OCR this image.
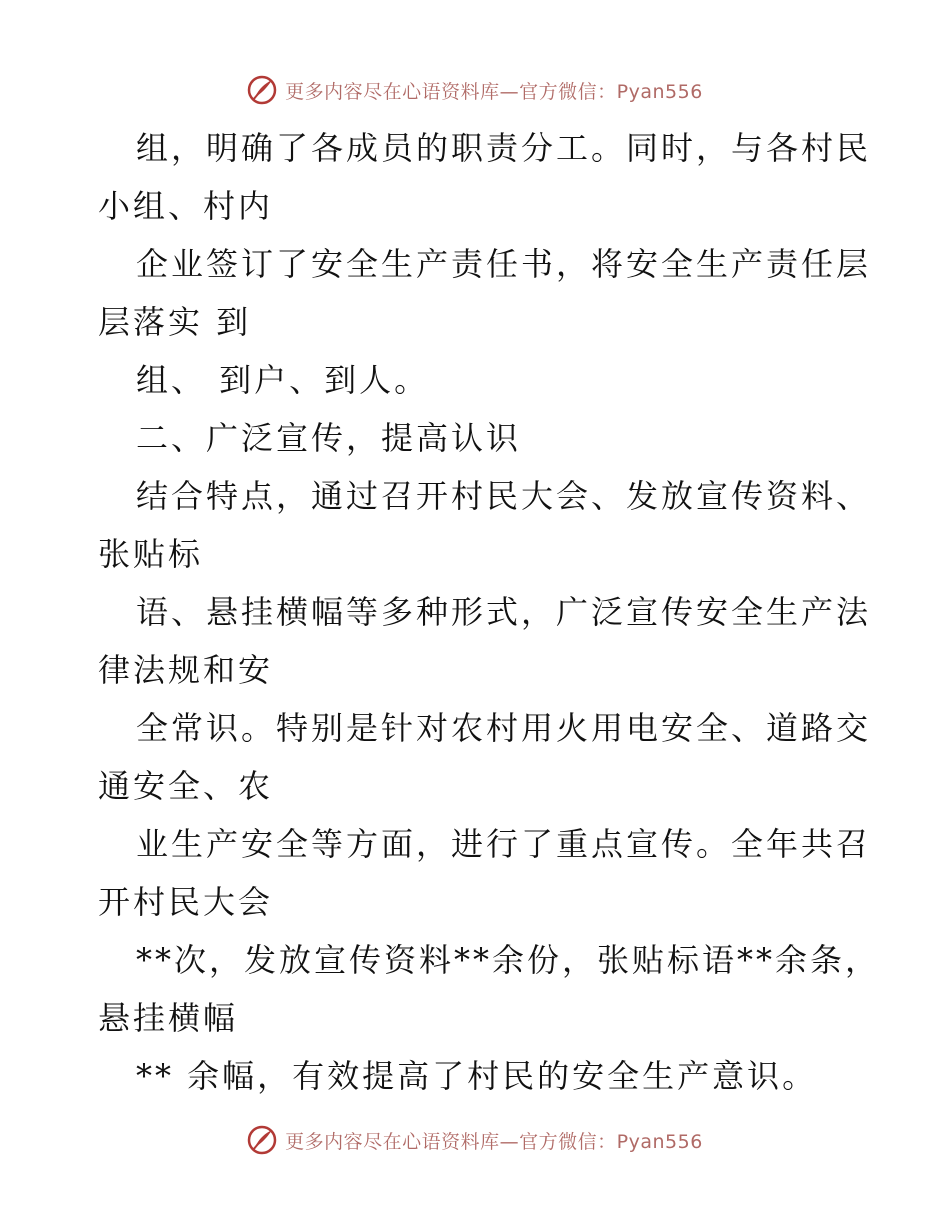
更多内容尽在心语资料库—官方微信：Pyan556
组，明确了各成员的职责分工。同时，与各村民
小组、村内
企业签订了安全生产责任书，将安全生产责任层
层落实 到
组、 到户、到人。
二、广泛宣传，提高认识
结合特点，通过召开村民大会、发放宣传资料、
张贴标
语、悬挂横幅等多种形式，广泛宣传安全生产法
律法规和安
全常识。特别是针对农村用火用电安全、道路交
通安全、农
业生产安全等方面，进行了重点宣传。全年共召
开村民大会
**次，发放宣传资料**余份，张贴标语**余条，
悬挂横幅
** 余幅，有效提高了村民的安全生产意识。
更多内容尽在心语资料库—官方微信：Pyan556
